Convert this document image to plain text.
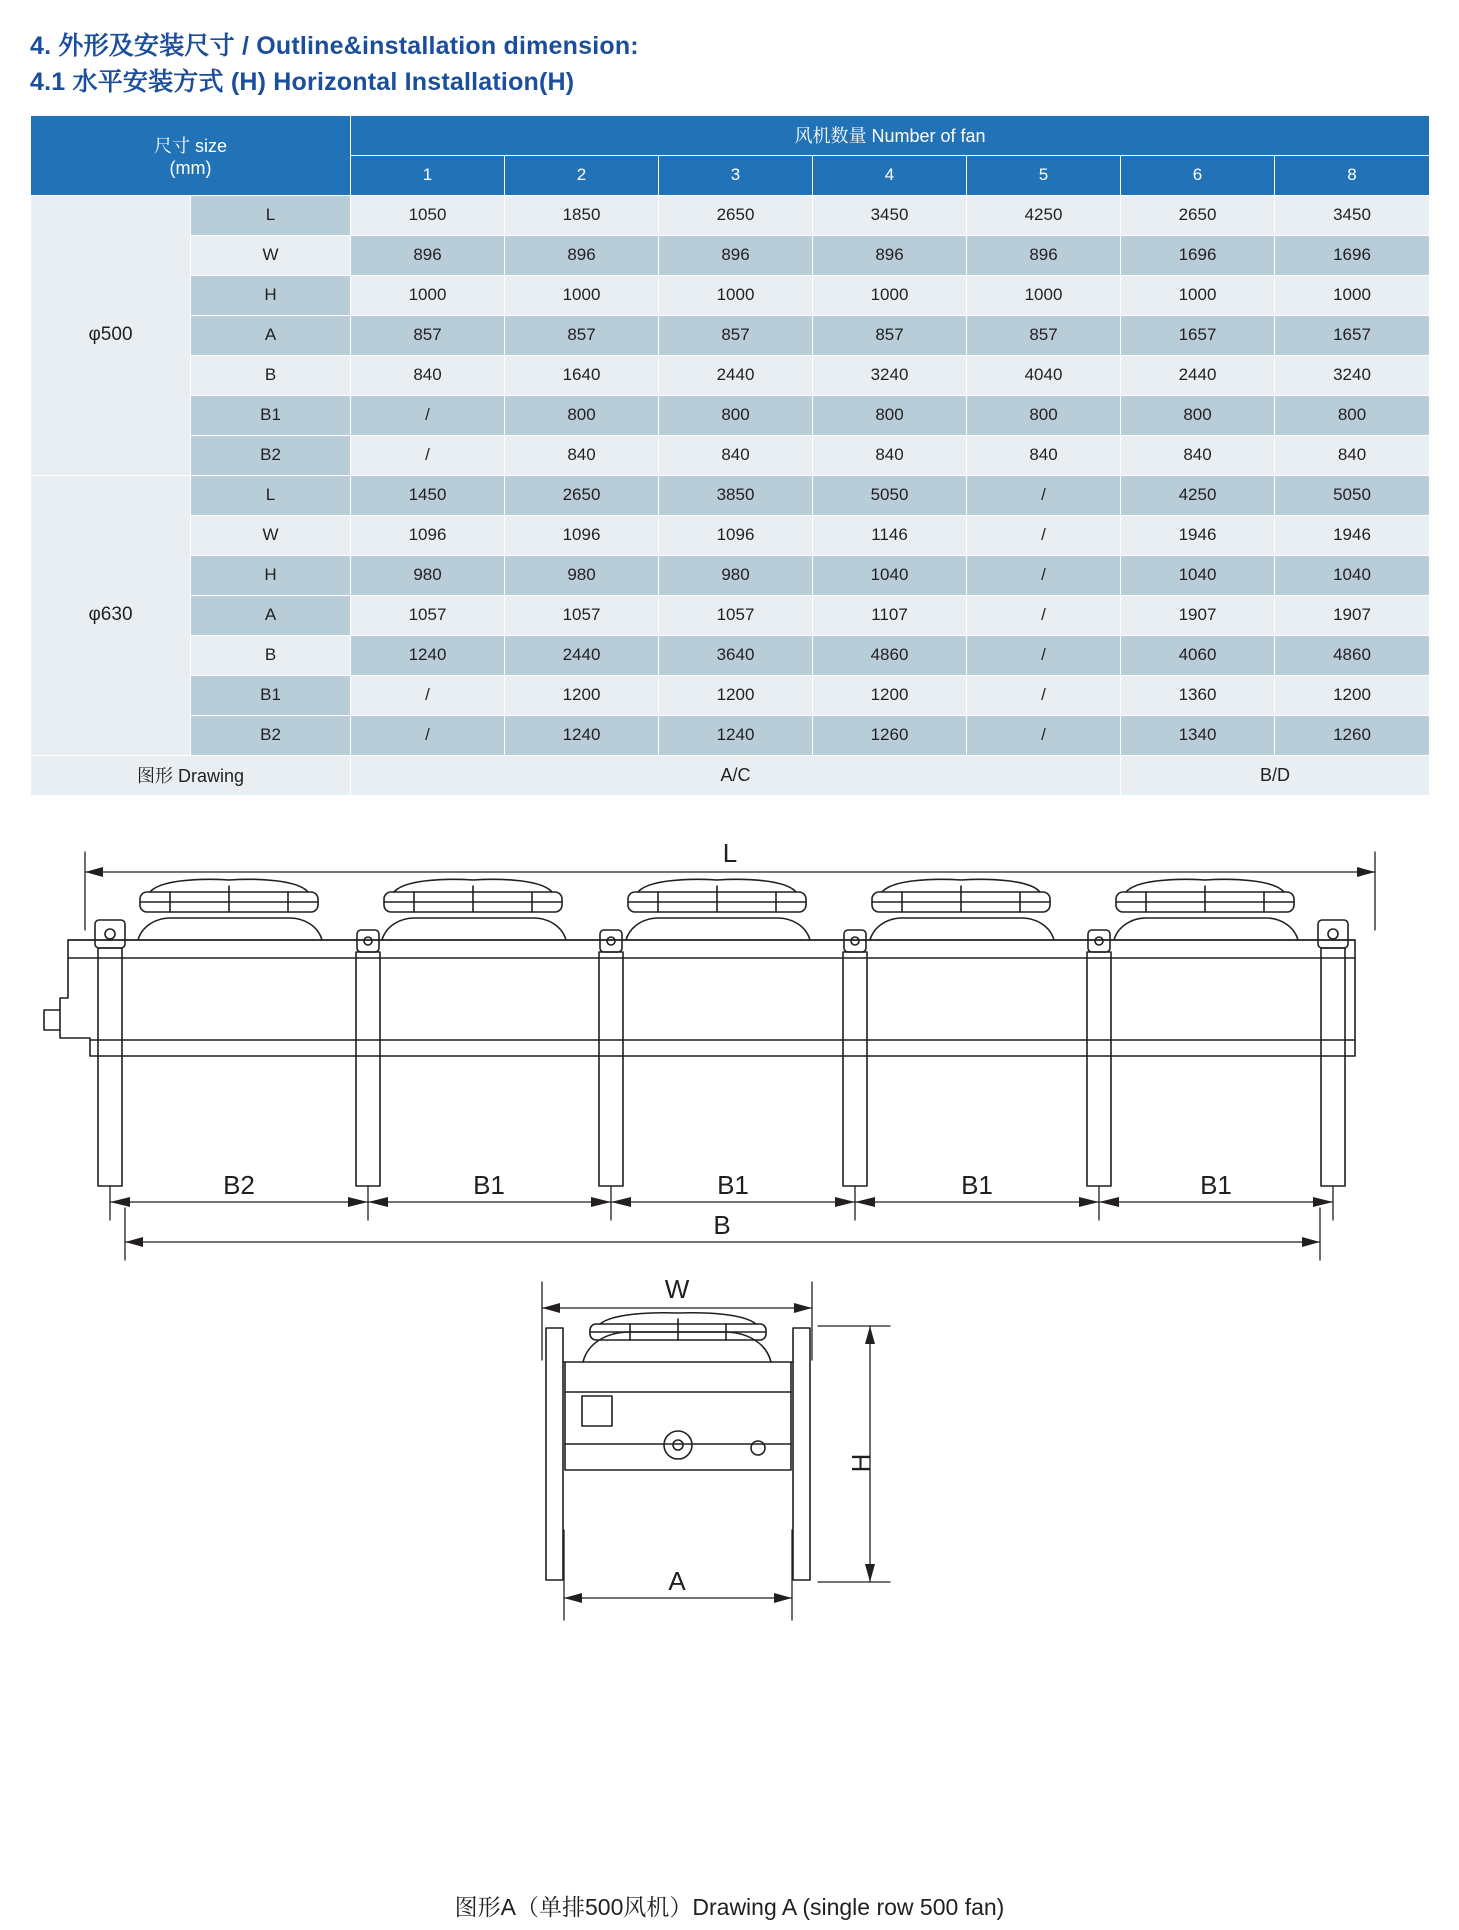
4. 外形及安装尺寸 / Outline&installation dimension:
4.1 水平安装方式 (H) Horizontal Installation(H)
尺寸 size
(mm)		风机数量 Number of fan						
		1	2	3	4	5	6	8
φ500	L	1050	1850	2650	3450	4250	2650	3450
	W	896	896	896	896	896	1696	1696
	H	1000	1000	1000	1000	1000	1000	1000
	A	857	857	857	857	857	1657	1657
	B	840	1640	2440	3240	4040	2440	3240
	B1	/	800	800	800	800	800	800
	B2	/	840	840	840	840	840	840
φ630	L	1450	2650	3850	5050	/	4250	5050
	W	1096	1096	1096	1146	/	1946	1946
	H	980	980	980	1040	/	1040	1040
	A	1057	1057	1057	1107	/	1907	1907
	B	1240	2440	3640	4860	/	4060	4860
	B1	/	1200	1200	1200	/	1360	1200
	B2	/	1240	1240	1260	/	1340	1260
图形 Drawing		A/C					B/D	
L
B2	B1	B1	B1	B1
B
W
A
H
图形A（单排500风机）Drawing A (single row 500 fan)
